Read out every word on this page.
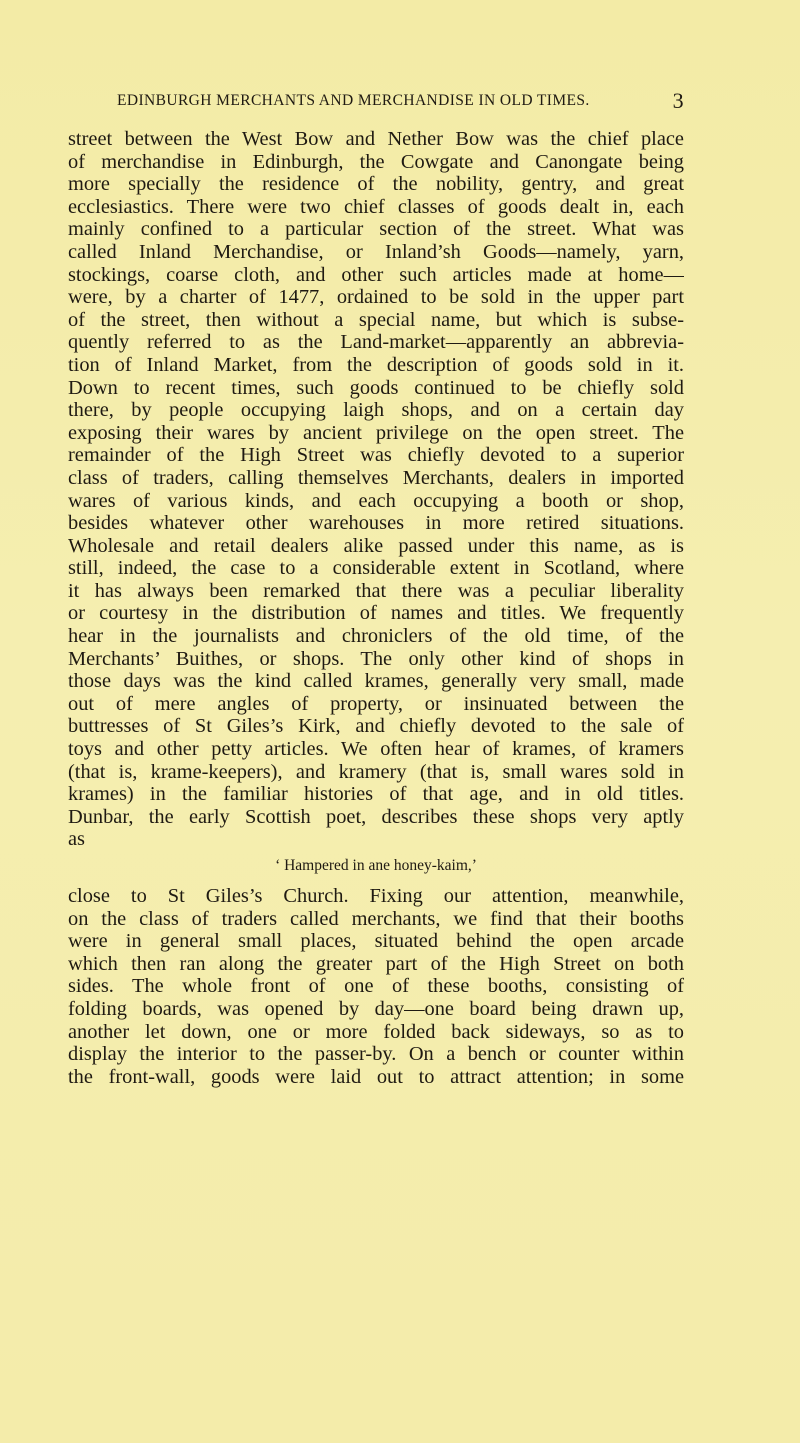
EDINBURGH MERCHANTS AND MERCHANDISE IN OLD TIMES.	3
street between the West Bow and Nether Bow was the chief place
of merchandise in Edinburgh, the Cowgate and Canongate being
more specially the residence of the nobility, gentry, and great
ecclesiastics. There were two chief classes of goods dealt in, each
mainly confined to a particular section of the street. What was
called Inland Merchandise, or Inland’sh Goods—namely, yarn,
stockings, coarse cloth, and other such articles made at home—
were, by a charter of 1477, ordained to be sold in the upper part
of the street, then without a special name, but which is subse-
quently referred to as the Land-market—apparently an abbrevia-
tion of Inland Market, from the description of goods sold in it.
Down to recent times, such goods continued to be chiefly sold
there, by people occupying laigh shops, and on a certain day
exposing their wares by ancient privilege on the open street. The
remainder of the High Street was chiefly devoted to a superior
class of traders, calling themselves Merchants, dealers in imported
wares of various kinds, and each occupying a booth or shop,
besides whatever other warehouses in more retired situations.
Wholesale and retail dealers alike passed under this name, as is
still, indeed, the case to a considerable extent in Scotland, where
it has always been remarked that there was a peculiar liberality
or courtesy in the distribution of names and titles. We frequently
hear in the journalists and chroniclers of the old time, of the
Merchants’ Buithes, or shops. The only other kind of shops in
those days was the kind called krames, generally very small, made
out of mere angles of property, or insinuated between the
buttresses of St Giles’s Kirk, and chiefly devoted to the sale of
toys and other petty articles. We often hear of krames, of kramers
(that is, krame-keepers), and kramery (that is, small wares sold in
krames) in the familiar histories of that age, and in old titles.
Dunbar, the early Scottish poet, describes these shops very aptly
as
‘ Hampered in ane honey-kaim,’
close to St Giles’s Church. Fixing our attention, meanwhile,
on the class of traders called merchants, we find that their booths
were in general small places, situated behind the open arcade
which then ran along the greater part of the High Street on both
sides. The whole front of one of these booths, consisting of
folding boards, was opened by day—one board being drawn up,
another let down, one or more folded back sideways, so as to
display the interior to the passer-by. On a bench or counter within
the front-wall, goods were laid out to attract attention; in some
